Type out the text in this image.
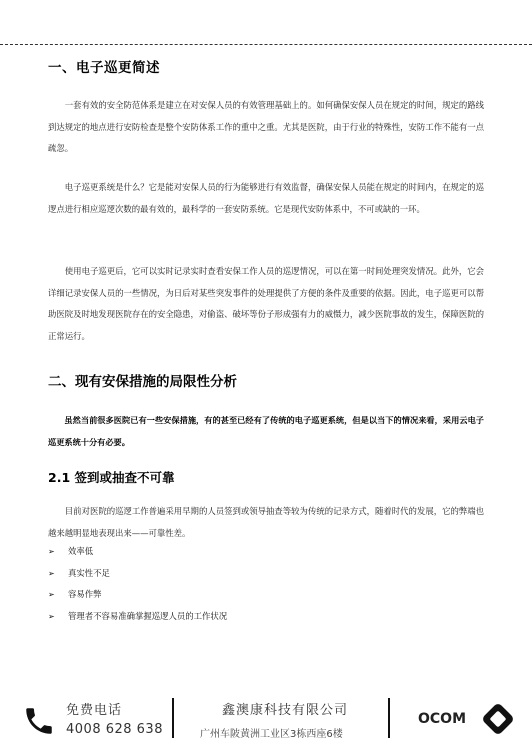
一、电子巡更简述

一套有效的安全防范体系是建立在对安保人员的有效管理基础上的。如何确保安保人员在规定的时间，规定的路线到达规定的地点进行安防检查是整个安防体系工作的重中之重。尤其是医院，由于行业的特殊性，安防工作不能有一点疏忽。

电子巡更系统是什么？它是能对安保人员的行为能够进行有效监督，确保安保人员能在规定的时间内，在规定的巡逻点进行相应巡逻次数的最有效的，最科学的一套安防系统。它是现代安防体系中，不可或缺的一环。

使用电子巡更后，它可以实时记录实时查看安保工作人员的巡逻情况，可以在第一时间处理突发情况。此外，它会详细记录安保人员的一些情况，为日后对某些突发事件的处理提供了方便的条件及重要的依据。因此，电子巡更可以帮助医院及时地发现医院存在的安全隐患，对偷盗、破坏等份子形成强有力的威慑力，减少医院事故的发生，保障医院的正常运行。

二、现有安保措施的局限性分析

虽然当前很多医院已有一些安保措施，有的甚至已经有了传统的电子巡更系统，但是以当下的情况来看，采用云电子巡更系统十分有必要。

2.1 签到或抽查不可靠

目前对医院的巡逻工作普遍采用早期的人员签到或领导抽查等较为传统的记录方式，随着时代的发展，它的弊端也越来越明显地表现出来——可靠性差。

➢	效率低
➢	真实性不足
➢	容易作弊
➢	管理者不容易准确掌握巡逻人员的工作状况
免费电话
4008 628 638
鑫澳康科技有限公司
广州车陂黄洲工业区3栋西座6楼
OCOM
